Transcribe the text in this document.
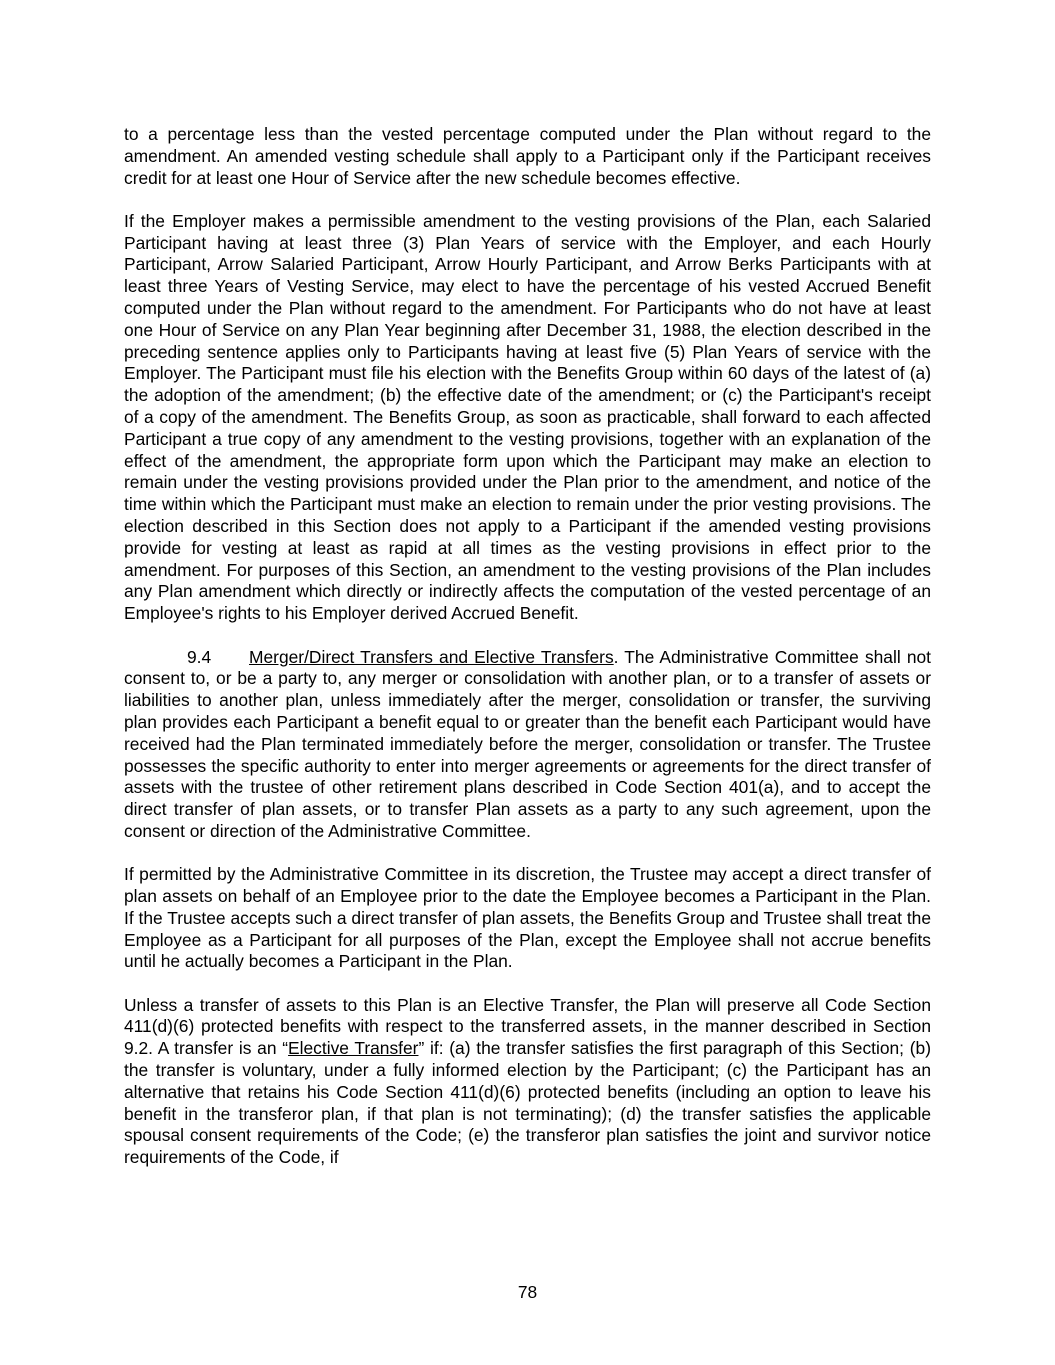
to a percentage less than the vested percentage computed under the Plan without regard to the amendment. An amended vesting schedule shall apply to a Participant only if the Participant receives credit for at least one Hour of Service after the new schedule becomes effective.

If the Employer makes a permissible amendment to the vesting provisions of the Plan, each Salaried Participant having at least three (3) Plan Years of service with the Employer, and each Hourly Participant, Arrow Salaried Participant, Arrow Hourly Participant, and Arrow Berks Participants with at least three Years of Vesting Service, may elect to have the percentage of his vested Accrued Benefit computed under the Plan without regard to the amendment. For Participants who do not have at least one Hour of Service on any Plan Year beginning after December 31, 1988, the election described in the preceding sentence applies only to Participants having at least five (5) Plan Years of service with the Employer. The Participant must file his election with the Benefits Group within 60 days of the latest of (a) the adoption of the amendment; (b) the effective date of the amendment; or (c) the Participant's receipt of a copy of the amendment. The Benefits Group, as soon as practicable, shall forward to each affected Participant a true copy of any amendment to the vesting provisions, together with an explanation of the effect of the amendment, the appropriate form upon which the Participant may make an election to remain under the vesting provisions provided under the Plan prior to the amendment, and notice of the time within which the Participant must make an election to remain under the prior vesting provisions. The election described in this Section does not apply to a Participant if the amended vesting provisions provide for vesting at least as rapid at all times as the vesting provisions in effect prior to the amendment. For purposes of this Section, an amendment to the vesting provisions of the Plan includes any Plan amendment which directly or indirectly affects the computation of the vested percentage of an Employee's rights to his Employer derived Accrued Benefit.

9.4 Merger/Direct Transfers and Elective Transfers. The Administrative Committee shall not consent to, or be a party to, any merger or consolidation with another plan, or to a transfer of assets or liabilities to another plan, unless immediately after the merger, consolidation or transfer, the surviving plan provides each Participant a benefit equal to or greater than the benefit each Participant would have received had the Plan terminated immediately before the merger, consolidation or transfer. The Trustee possesses the specific authority to enter into merger agreements or agreements for the direct transfer of assets with the trustee of other retirement plans described in Code Section 401(a), and to accept the direct transfer of plan assets, or to transfer Plan assets as a party to any such agreement, upon the consent or direction of the Administrative Committee.

If permitted by the Administrative Committee in its discretion, the Trustee may accept a direct transfer of plan assets on behalf of an Employee prior to the date the Employee becomes a Participant in the Plan. If the Trustee accepts such a direct transfer of plan assets, the Benefits Group and Trustee shall treat the Employee as a Participant for all purposes of the Plan, except the Employee shall not accrue benefits until he actually becomes a Participant in the Plan.

Unless a transfer of assets to this Plan is an Elective Transfer, the Plan will preserve all Code Section 411(d)(6) protected benefits with respect to the transferred assets, in the manner described in Section 9.2. A transfer is an “Elective Transfer” if: (a) the transfer satisfies the first paragraph of this Section; (b) the transfer is voluntary, under a fully informed election by the Participant; (c) the Participant has an alternative that retains his Code Section 411(d)(6) protected benefits (including an option to leave his benefit in the transferor plan, if that plan is not terminating); (d) the transfer satisfies the applicable spousal consent requirements of the Code; (e) the transferor plan satisfies the joint and survivor notice requirements of the Code, if

78
